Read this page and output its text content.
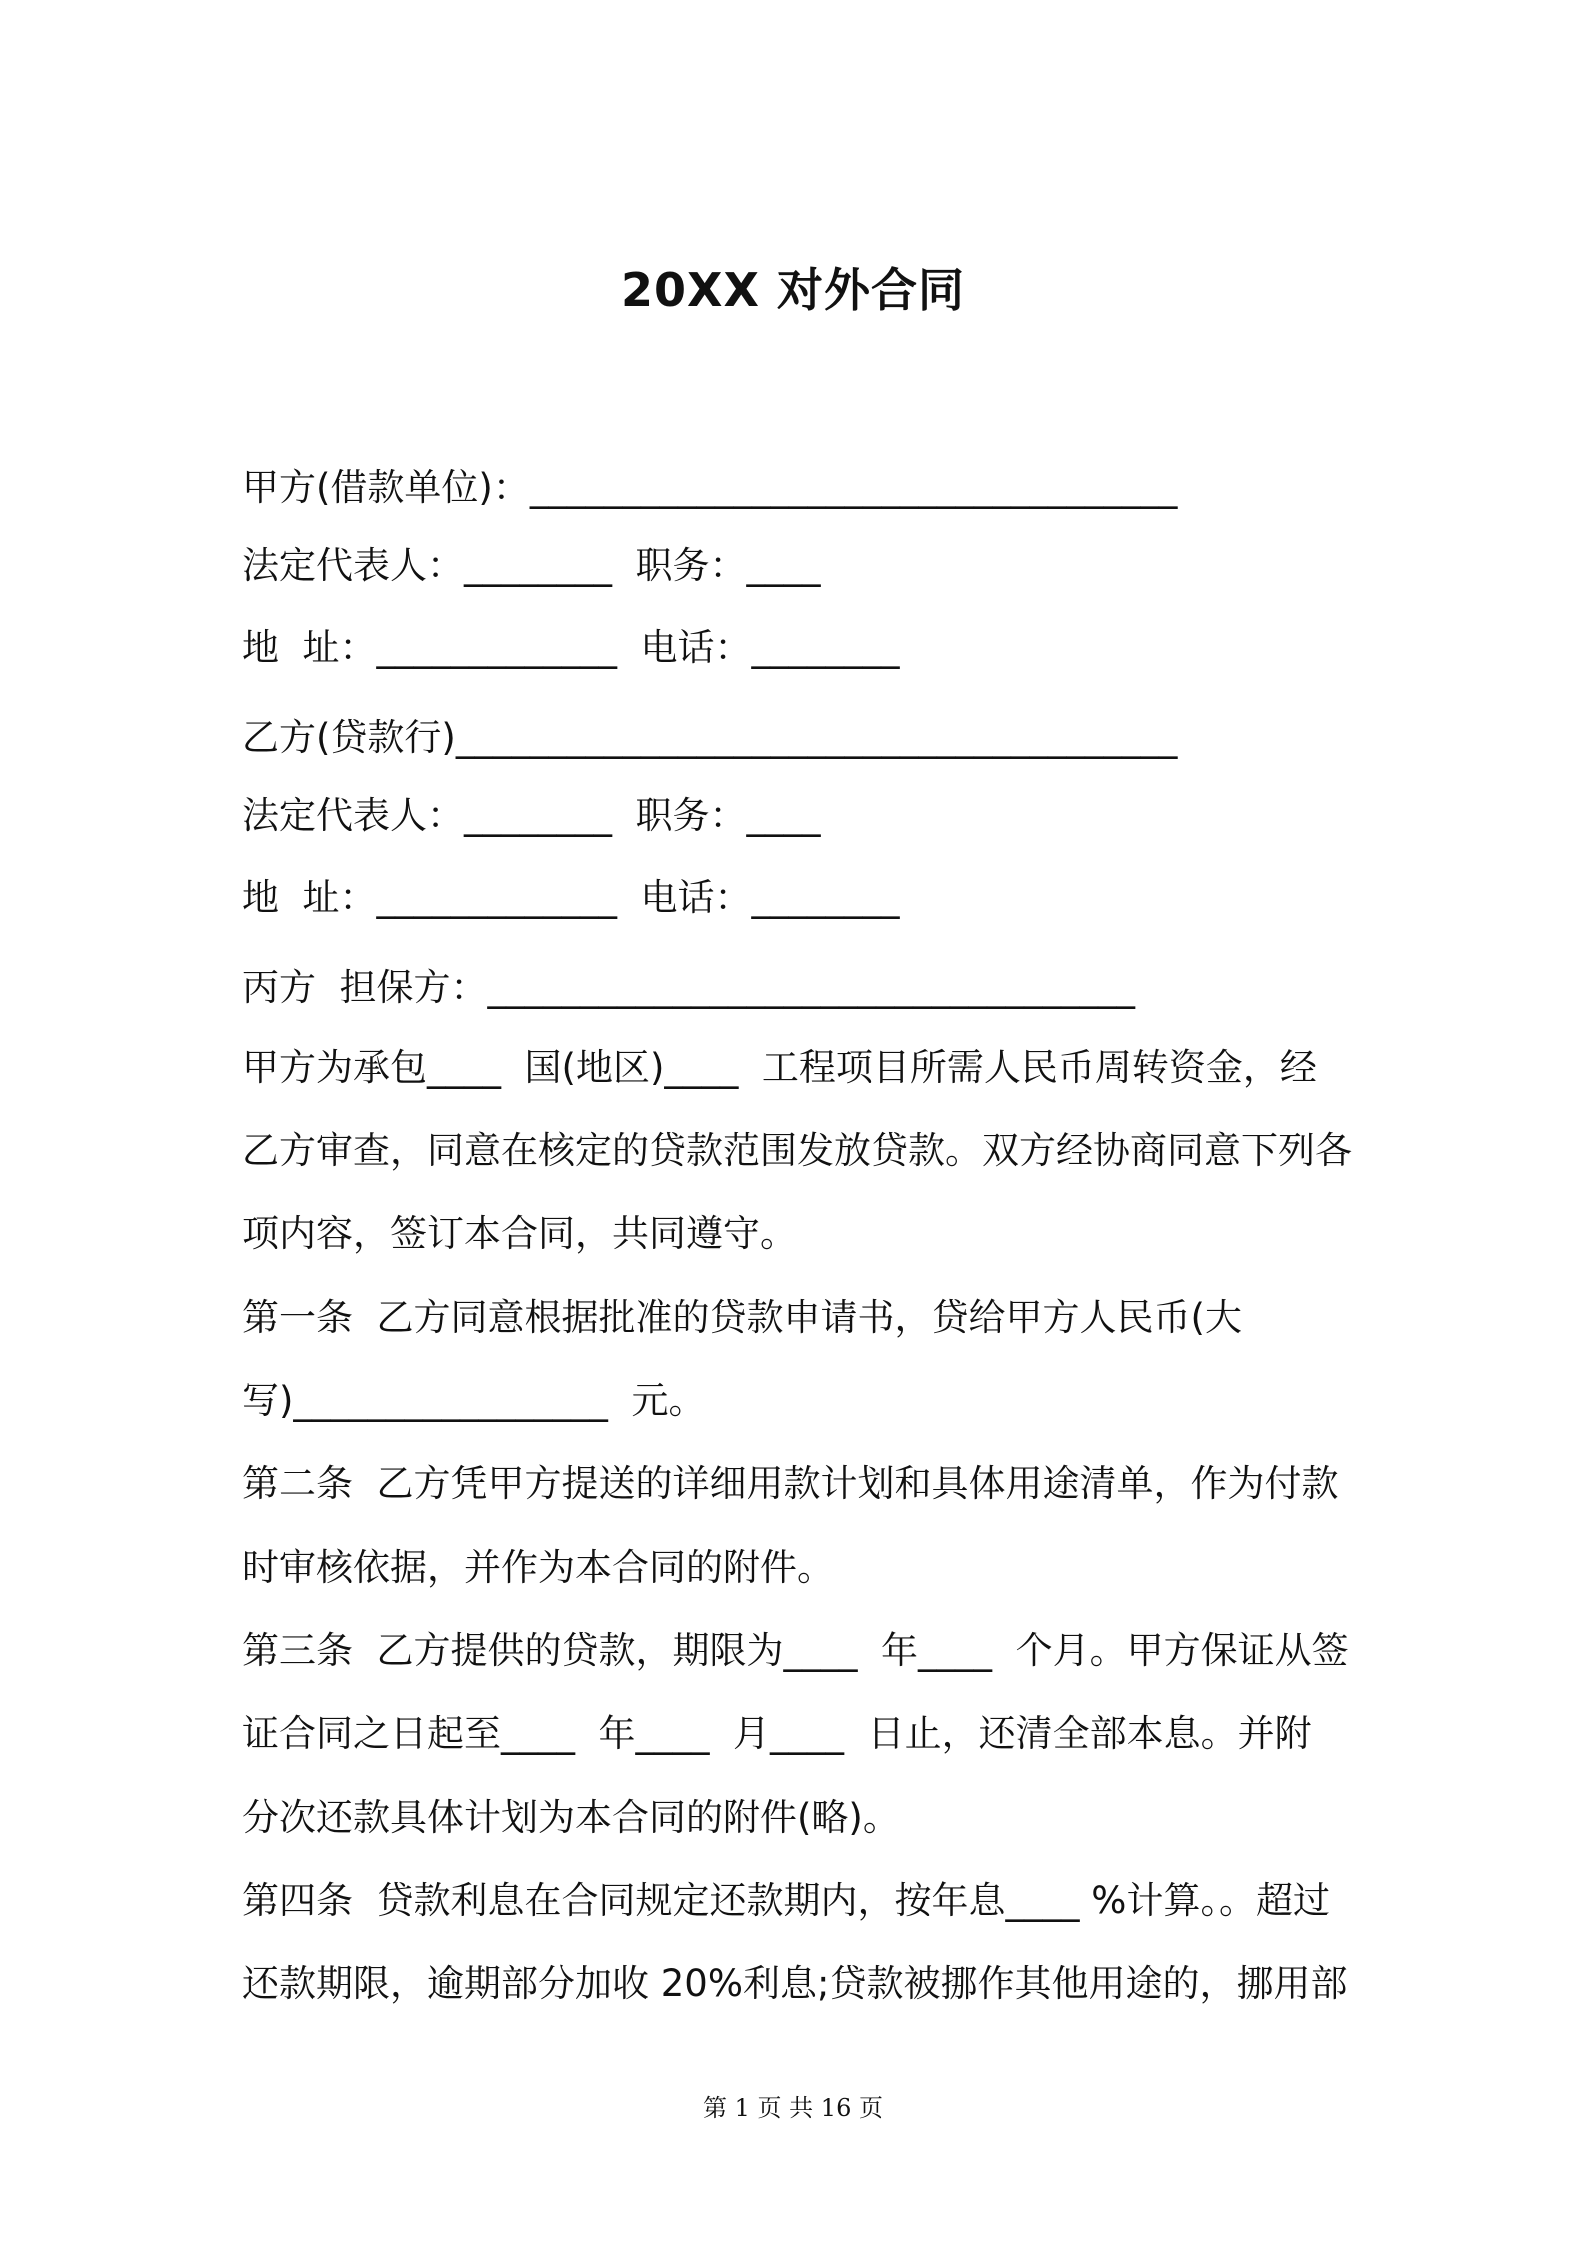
20XX 对外合同

甲方(借款单位)：___________________________________

法定代表人：________  职务：____

地  址：_____________  电话：________

乙方(贷款行)_______________________________________

法定代表人：________  职务：____

地  址：_____________  电话：________

丙方  担保方：___________________________________

甲方为承包____  国(地区)____  工程项目所需人民币周转资金，经

乙方审查，同意在核定的贷款范围发放贷款。双方经协商同意下列各

项内容，签订本合同，共同遵守。

第一条  乙方同意根据批准的贷款申请书，贷给甲方人民币(大

写)_________________  元。

第二条  乙方凭甲方提送的详细用款计划和具体用途清单，作为付款

时审核依据，并作为本合同的附件。

第三条  乙方提供的贷款，期限为____  年____  个月。甲方保证从签

证合同之日起至____  年____  月____  日止，还清全部本息。并附

分次还款具体计划为本合同的附件(略)。

第四条  贷款利息在合同规定还款期内，按年息____ %计算。。超过

还款期限，逾期部分加收 20%利息;贷款被挪作其他用途的，挪用部

第 1 页 共 16 页
